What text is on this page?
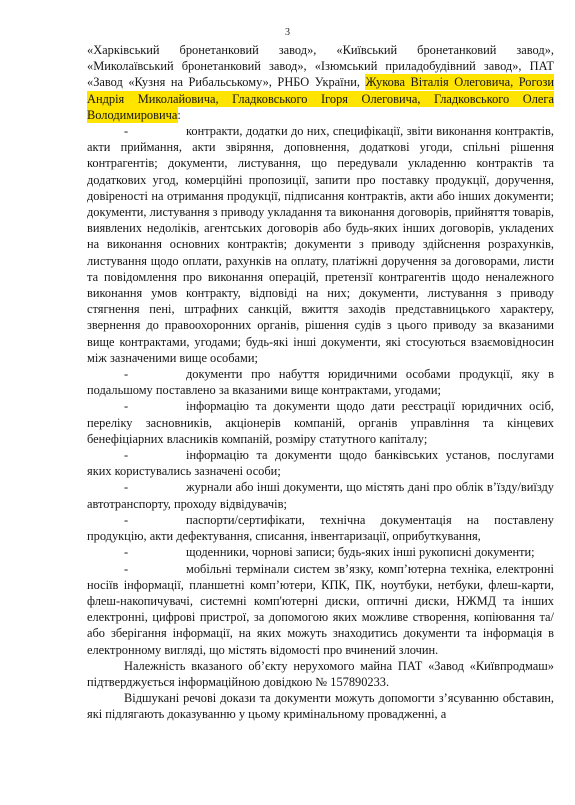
3

«Харківський бронетанковий завод», «Київський бронетанковий завод», «Миколаївський бронетанковий завод», «Ізюмський приладобудівний завод», ПАТ «Завод «Кузня на Рибальському», РНБО України, Жукова Віталія Олеговича, Рогози Андрія Миколайовича, Гладковського Ігоря Олеговича, Гладковського Олега Володимировича:

-	контракти, додатки до них, специфікації, звіти виконання контрактів, акти приймання, акти звіряння, доповнення, додаткові угоди, спільні рішення контрагентів; документи, листування, що передували укладенню контрактів та додаткових угод, комерційні пропозиції, запити про поставку продукції, доручення, довіреності на отримання продукції, підписання контрактів, акти або інших документи; документи, листування з приводу укладання та виконання договорів, прийняття товарів, виявлених недоліків, агентських договорів або будь-яких інших договорів, укладених на виконання основних контрактів; документи з приводу здійснення розрахунків, листування щодо оплати, рахунків на оплату, платіжні доручення за договорами, листи та повідомлення про виконання операцій, претензії контрагентів щодо неналежного виконання умов контракту, відповіді на них; документи, листування з приводу стягнення пені, штрафних санкцій, вжиття заходів представницького характеру, звернення до правоохоронних органів, рішення судів з цього приводу за вказаними вище контрактами, угодами; будь-які інші документи, які стосуються взаємовідносин між зазначеними вище особами;

-	документи про набуття юридичними особами продукції, яку в подальшому поставлено за вказаними вище контрактами, угодами;

-	інформацію та документи щодо дати реєстрації юридичних осіб, переліку засновників, акціонерів компаній, органів управління та кінцевих бенефіціарних власників компаній, розміру статутного капіталу;

-	інформацію та документи щодо банківських установ, послугами яких користувались зазначені особи;

-	журнали або інші документи, що містять дані про облік в’їзду/виїзду автотранспорту, проходу відвідувачів;

-	паспорти/сертифікати, технічна документація на поставлену продукцію, акти дефектування, списання, інвентаризації, оприбуткування,

-	щоденники, чорнові записи; будь-яких інші рукописні документи;

-	мобільні термінали систем зв’язку, комп’ютерна техніка, електронні носіїв інформації, планшетні комп’ютери, КПК, ПК, ноутбуки, нетбуки, флеш-карти, флеш-накопичувачі, системні комп'ютерні диски, оптичні диски, НЖМД та інших електронні, цифрові пристрої, за допомогою яких можливе створення, копіювання та/або зберігання інформації, на яких можуть знаходитись документи та інформація в електронному вигляді, що містять відомості про вчинений злочин.

Належність вказаного об’єкту нерухомого майна ПАТ «Завод «Київпродмаш» підтверджується інформаційною довідкою № 157890233.

Відшукані речові докази та документи можуть допомогти з’ясуванню обставин, які підлягають доказуванню у цьому кримінальному провадженні, а
